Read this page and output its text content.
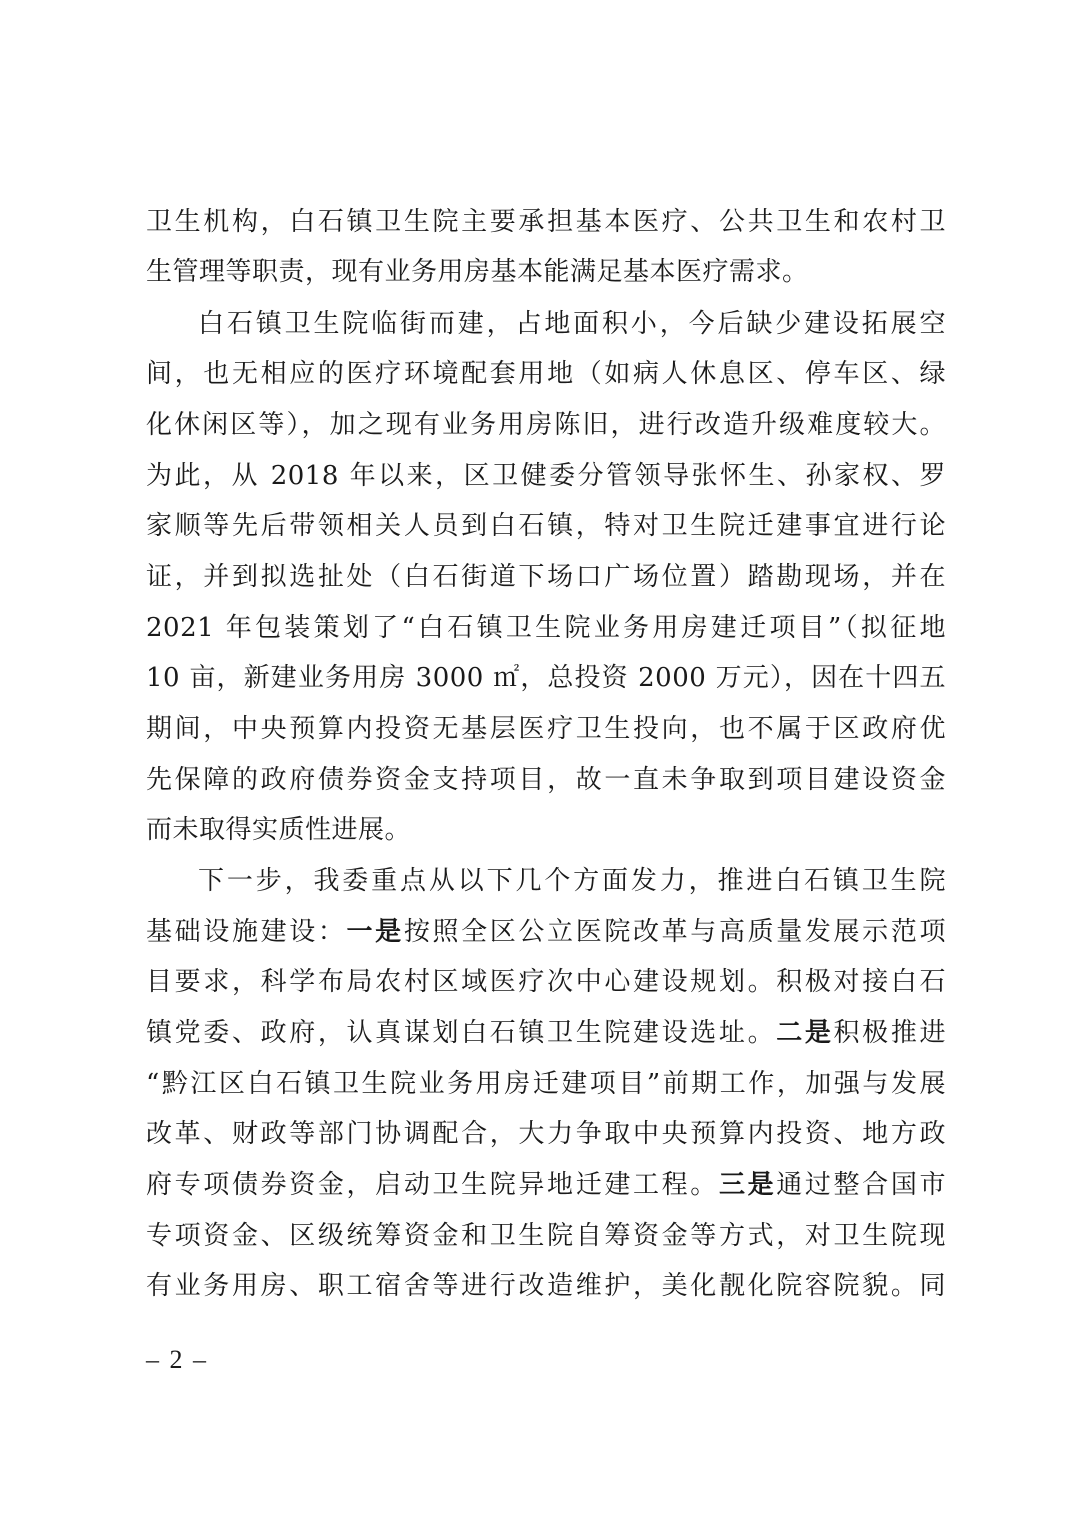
卫生机构，白石镇卫生院主要承担基本医疗、公共卫生和农村卫
生管理等职责，现有业务用房基本能满足基本医疗需求。
白石镇卫生院临街而建，占地面积小，今后缺少建设拓展空
间，也无相应的医疗环境配套用地（如病人休息区、停车区、绿
化休闲区等），加之现有业务用房陈旧，进行改造升级难度较大。
为此，从 2018 年以来，区卫健委分管领导张怀生、孙家权、罗
家顺等先后带领相关人员到白石镇，特对卫生院迁建事宜进行论
证，并到拟选扯处（白石街道下场口广场位置）踏勘现场，并在
2021 年包装策划了“白石镇卫生院业务用房建迁项目”（拟征地
10 亩，新建业务用房 3000 ㎡，总投资 2000 万元），因在十四五
期间，中央预算内投资无基层医疗卫生投向，也不属于区政府优
先保障的政府债券资金支持项目，故一直未争取到项目建设资金
而未取得实质性进展。
下一步，我委重点从以下几个方面发力，推进白石镇卫生院
基础设施建设：一是按照全区公立医院改革与高质量发展示范项
目要求，科学布局农村区域医疗次中心建设规划。积极对接白石
镇党委、政府，认真谋划白石镇卫生院建设选址。二是积极推进
“黔江区白石镇卫生院业务用房迁建项目”前期工作，加强与发展
改革、财政等部门协调配合，大力争取中央预算内投资、地方政
府专项债券资金，启动卫生院异地迁建工程。三是通过整合国市
专项资金、区级统筹资金和卫生院自筹资金等方式，对卫生院现
有业务用房、职工宿舍等进行改造维护，美化靓化院容院貌。同
– 2 –
